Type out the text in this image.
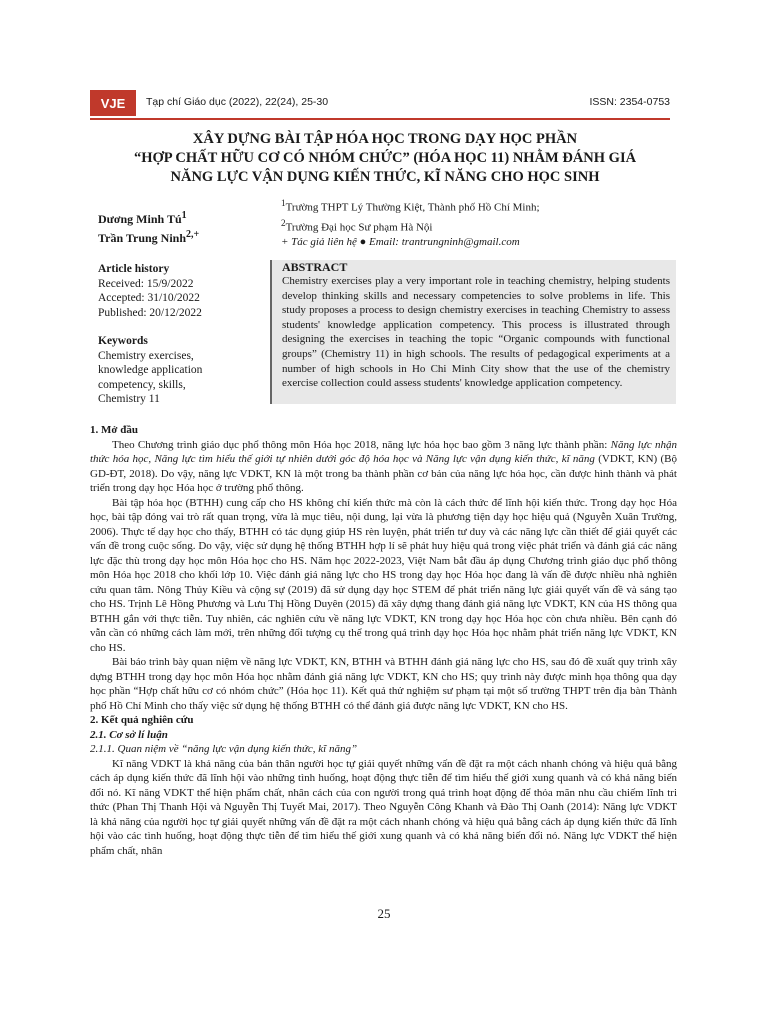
VJE	Tạp chí Giáo dục (2022), 22(24), 25-30	ISSN: 2354-0753
XÂY DỰNG BÀI TẬP HÓA HỌC TRONG DẠY HỌC PHẦN
“HỢP CHẤT HỮU CƠ CÓ NHÓM CHỨC” (HÓA HỌC 11) NHẰM ĐÁNH GIÁ
NĂNG LỰC VẬN DỤNG KIẾN THỨC, KĨ NĂNG CHO HỌC SINH
Dương Minh $Tú^1$
Trần Trung Ninh$^{2,+}$
$^1$Trường THPT Lý Thường Kiệt, Thành phố Hồ Chí Minh;
$^2$Trường Đại học Sư phạm Hà Nội
+ Tác giả liên hệ ● Email: trantrungninh@gmail.com
Article history
Received: 15/9/2022
Accepted: 31/10/2022
Published: 20/12/2022
Keywords
Chemistry exercises,
knowledge application
competency, skills,
Chemistry 11
ABSTRACT
Chemistry exercises play a very important role in teaching chemistry, helping students develop thinking skills and necessary competencies to solve problems in life. This study proposes a process to design chemistry exercises in teaching Chemistry to assess students' knowledge application competency. This process is illustrated through designing the exercises in teaching the topic “Organic compounds with functional groups” (Chemistry 11) in high schools. The results of pedagogical experiments at a number of high schools in Ho Chi Minh City show that the use of the chemistry exercise collection could assess students' knowledge application competency.

1. Mở đầu

Theo Chương trình giáo dục phổ thông môn Hóa học 2018, năng lực hóa học bao gồm 3 năng lực thành phần: Năng lực nhận thức hóa học, Năng lực tìm hiểu thế giới tự nhiên dưới góc độ hóa học và Năng lực vận dụng kiến thức, kĩ năng (VDKT, KN) (Bộ GD-ĐT, 2018). Do vậy, năng lực VDKT, KN là một trong ba thành phần cơ bản của năng lực hóa học, cần được hình thành và phát triển trong dạy học Hóa học ở trường phổ thông.

Bài tập hóa học (BTHH) cung cấp cho HS không chỉ kiến thức mà còn là cách thức để lĩnh hội kiến thức. Trong dạy học Hóa học, bài tập đóng vai trò rất quan trọng, vừa là mục tiêu, nội dung, lại vừa là phương tiện dạy học hiệu quả (Nguyễn Xuân Trường, 2006). Thực tế dạy học cho thấy, BTHH có tác dụng giúp HS rèn luyện, phát triển tư duy và các năng lực cần thiết để giải quyết các vấn đề trong cuộc sống. Do vậy, việc sử dụng hệ thống BTHH hợp lí sẽ phát huy hiệu quả trong việc phát triển và đánh giá các năng lực đặc thù trong dạy học môn Hóa học cho HS. Năm học 2022-2023, Việt Nam bắt đầu áp dụng Chương trình giáo dục phổ thông môn Hóa học 2018 cho khối lớp 10. Việc đánh giá năng lực cho HS trong dạy học Hóa học đang là vấn đề được nhiều nhà nghiên cứu quan tâm. Nông Thủy Kiều và cộng sự (2019) đã sử dụng dạy học STEM để phát triển năng lực giải quyết vấn đề và sáng tạo cho HS. Trịnh Lê Hồng Phương và Lưu Thị Hồng Duyên (2015) đã xây dựng thang đánh giá năng lực VDKT, KN của HS thông qua BTHH gắn với thực tiễn. Tuy nhiên, các nghiên cứu về năng lực VDKT, KN trong dạy học Hóa học còn chưa nhiều. Bên cạnh đó vẫn cần có những cách làm mới, trên những đối tượng cụ thể trong quá trình dạy học Hóa học nhằm phát triển năng lực VDKT, KN cho HS.

Bài báo trình bày quan niệm về năng lực VDKT, KN, BTHH và BTHH đánh giá năng lực cho HS, sau đó đề xuất quy trình xây dựng BTHH trong dạy học môn Hóa học nhằm đánh giá năng lực VDKT, KN cho HS; quy trình này được minh họa thông qua dạy học phần “Hợp chất hữu cơ có nhóm chức” (Hóa học 11). Kết quả thử nghiệm sư phạm tại một số trường THPT trên địa bàn Thành phố Hồ Chí Minh cho thấy việc sử dụng hệ thống BTHH có thể đánh giá được năng lực VDKT, KN cho HS.

2. Kết quả nghiên cứu

2.1. Cơ sở lí luận

2.1.1. Quan niệm về “năng lực vận dụng kiến thức, kĩ năng”

Kĩ năng VDKT là khả năng của bản thân người học tự giải quyết những vấn đề đặt ra một cách nhanh chóng và hiệu quả bằng cách áp dụng kiến thức đã lĩnh hội vào những tình huống, hoạt động thực tiễn để tìm hiểu thế giới xung quanh và có khả năng biến đổi nó. Kĩ năng VDKT thể hiện phẩm chất, nhân cách của con người trong quá trình hoạt động để thỏa mãn nhu cầu chiếm lĩnh tri thức (Phan Thị Thanh Hội và Nguyễn Thị Tuyết Mai, 2017). Theo Nguyễn Công Khanh và Đào Thị Oanh (2014): Năng lực VDKT là khả năng của người học tự giải quyết những vấn đề đặt ra một cách nhanh chóng và hiệu quả bằng cách áp dụng kiến thức đã lĩnh hội vào các tình huống, hoạt động thực tiễn để tìm hiểu thế giới xung quanh và có khả năng biến đổi nó. Năng lực VDKT thể hiện phẩm chất, nhân

25
